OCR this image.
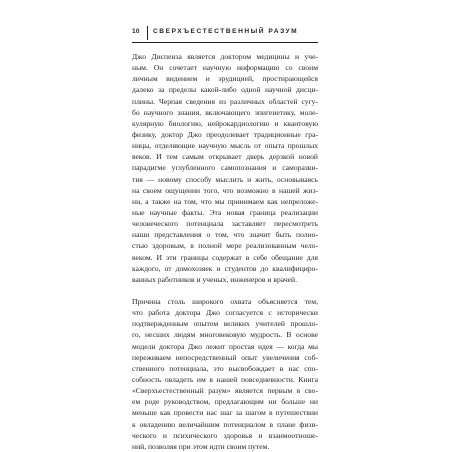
10 СВЕРХЪЕСТЕСТВЕННЫЙ РАЗУМ
Джо Диспенза является доктором медицины и уче-
ным. Он сочетает научную информацию со своим
личным видением и эрудицией, простирающейся
далеко за пределы какой-либо одной научной дисци-
плины. Черпая сведения из различных областей сугу-
бо научного знания, включающего эпигенетику, моле-
кулярную биологию, нейрокардиологию и квантовую
физику, доктор Джо преодолевает традиционные гра-
ницы, отделяющие научную мысль от опыта прошлых
веков. И тем самым открывает дверь дерзкой новой
парадигме углубленного самопознания и саморазви-
тия — новому способу мыслить и жить, основываясь
на своем ощущении того, что возможно в нашей жиз-
ни, а также на том, что мы принимаем как непреложе-
ные научные факты. Эта новая граница реализации
человеческого потенциала заставляет пересмотреть
наши представления о том, что значит быть полно-
стью здоровым, в полной мере реализованным чело-
веком. И эти границы содержат в себе обещание для
каждого, от домохозяек и студентов до квалифициро-
ванных работников и ученых, инженеров и врачей.
Причина столь широкого охвата объясняется тем,
что работа доктора Джо согласуется с исторически
подтвержденным опытом великих учителей прошло-
го, несших людям многовековую мудрость. В основе
модели доктора Джо лежит простая идея — когда мы
переживаем непосредственный опыт увеличения соб-
ственного потенциала, это высвобождает в нас спо-
собность овладеть им в нашей повседневности. Книга
«Сверхъестественный разум» является первым в сво-
ем роде руководством, предлагающим ни больше ни
меньше как провести нас шаг за шагом в путешествии
к овладению величайшим потенциалом в плане физи-
ческого и психического здоровья и взаимоотноше-
ний, позволяя при этом идти своим путем.
